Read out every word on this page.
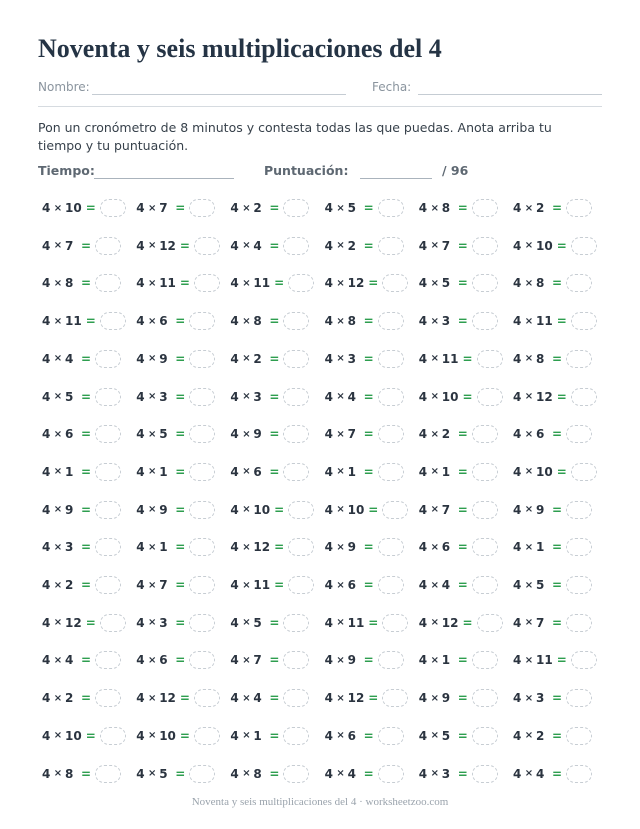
Noventa y seis multiplicaciones del 4
Nombre:	Fecha:
Pon un cronómetro de 8 minutos y contesta todas las que puedas. Anota arriba tu tiempo y tu puntuación.
Tiempo:	Puntuación:	/ 96
4 × 10 =	4 × 7 =	4 × 2 =	4 × 5 =	4 × 8 =	4 × 2 =
4 × 7 =	4 × 12 =	4 × 4 =	4 × 2 =	4 × 7 =	4 × 10 =
4 × 8 =	4 × 11 =	4 × 11 =	4 × 12 =	4 × 5 =	4 × 8 =
4 × 11 =	4 × 6 =	4 × 8 =	4 × 8 =	4 × 3 =	4 × 11 =
4 × 4 =	4 × 9 =	4 × 2 =	4 × 3 =	4 × 11 =	4 × 8 =
4 × 5 =	4 × 3 =	4 × 3 =	4 × 4 =	4 × 10 =	4 × 12 =
4 × 6 =	4 × 5 =	4 × 9 =	4 × 7 =	4 × 2 =	4 × 6 =
4 × 1 =	4 × 1 =	4 × 6 =	4 × 1 =	4 × 1 =	4 × 10 =
4 × 9 =	4 × 9 =	4 × 10 =	4 × 10 =	4 × 7 =	4 × 9 =
4 × 3 =	4 × 1 =	4 × 12 =	4 × 9 =	4 × 6 =	4 × 1 =
4 × 2 =	4 × 7 =	4 × 11 =	4 × 6 =	4 × 4 =	4 × 5 =
4 × 12 =	4 × 3 =	4 × 5 =	4 × 11 =	4 × 12 =	4 × 7 =
4 × 4 =	4 × 6 =	4 × 7 =	4 × 9 =	4 × 1 =	4 × 11 =
4 × 2 =	4 × 12 =	4 × 4 =	4 × 12 =	4 × 9 =	4 × 3 =
4 × 10 =	4 × 10 =	4 × 1 =	4 × 6 =	4 × 5 =	4 × 2 =
4 × 8 =	4 × 5 =	4 × 8 =	4 × 4 =	4 × 3 =	4 × 4 =
Noventa y seis multiplicaciones del 4 · worksheetzoo.com
